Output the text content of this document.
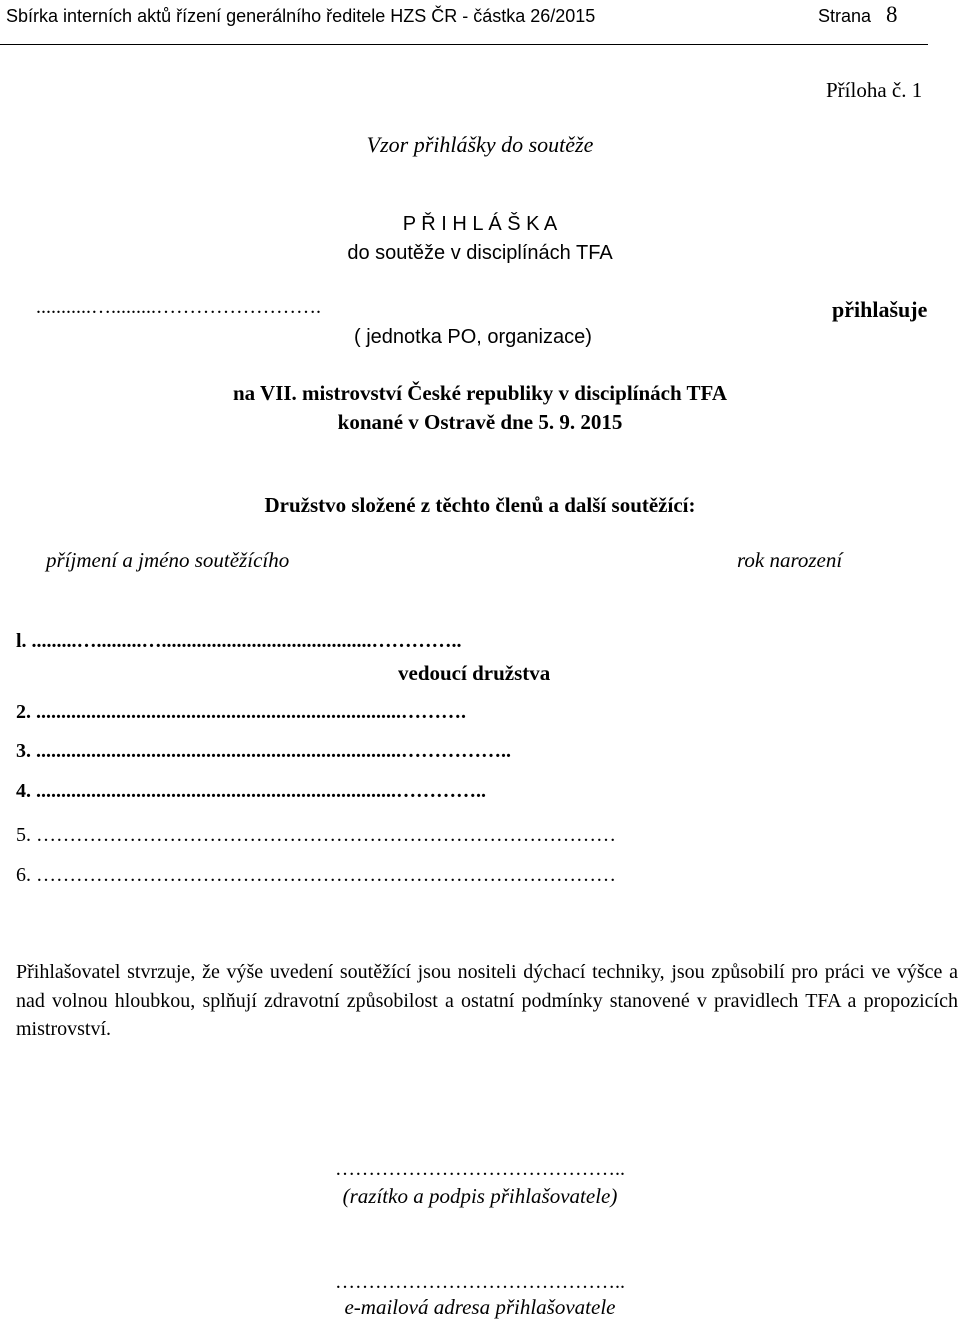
Sbírka interních aktů řízení generálního ředitele HZS ČR - částka 26/2015	Strana 8
Příloha č. 1
Vzor přihlášky do soutěže
P Ř I H L Á Š K A
do soutěže v disciplínách TFA
...........….........…………………….	přihlašuje
( jednotka PO, organizace)
na VII. mistrovství České republiky v disciplínách TFA
konané v Ostravě dne 5. 9. 2015
Družstvo složené z těchto členů a další soutěžící:
příjmení a jméno soutěžícího	rok narození
l. .........….........…..........................................…………..
vedoucí družstva
2. .........................................................................……….
3. .........................................................................……………..
4. ........................................................................…………..
5. ……………………………………………………………………………
6. ……………………………………………………………………………
Přihlašovatel stvrzuje, že výše uvedení soutěžící jsou nositeli dýchací techniky, jsou způsobilí pro práci ve výšce a nad volnou hloubkou, splňují zdravotní způsobilost a ostatní podmínky stanovené v pravidlech TFA a propozicích mistrovství.
……………………………………..
(razítko a podpis přihlašovatele)
……………………………………..
e-mailová adresa přihlašovatele
